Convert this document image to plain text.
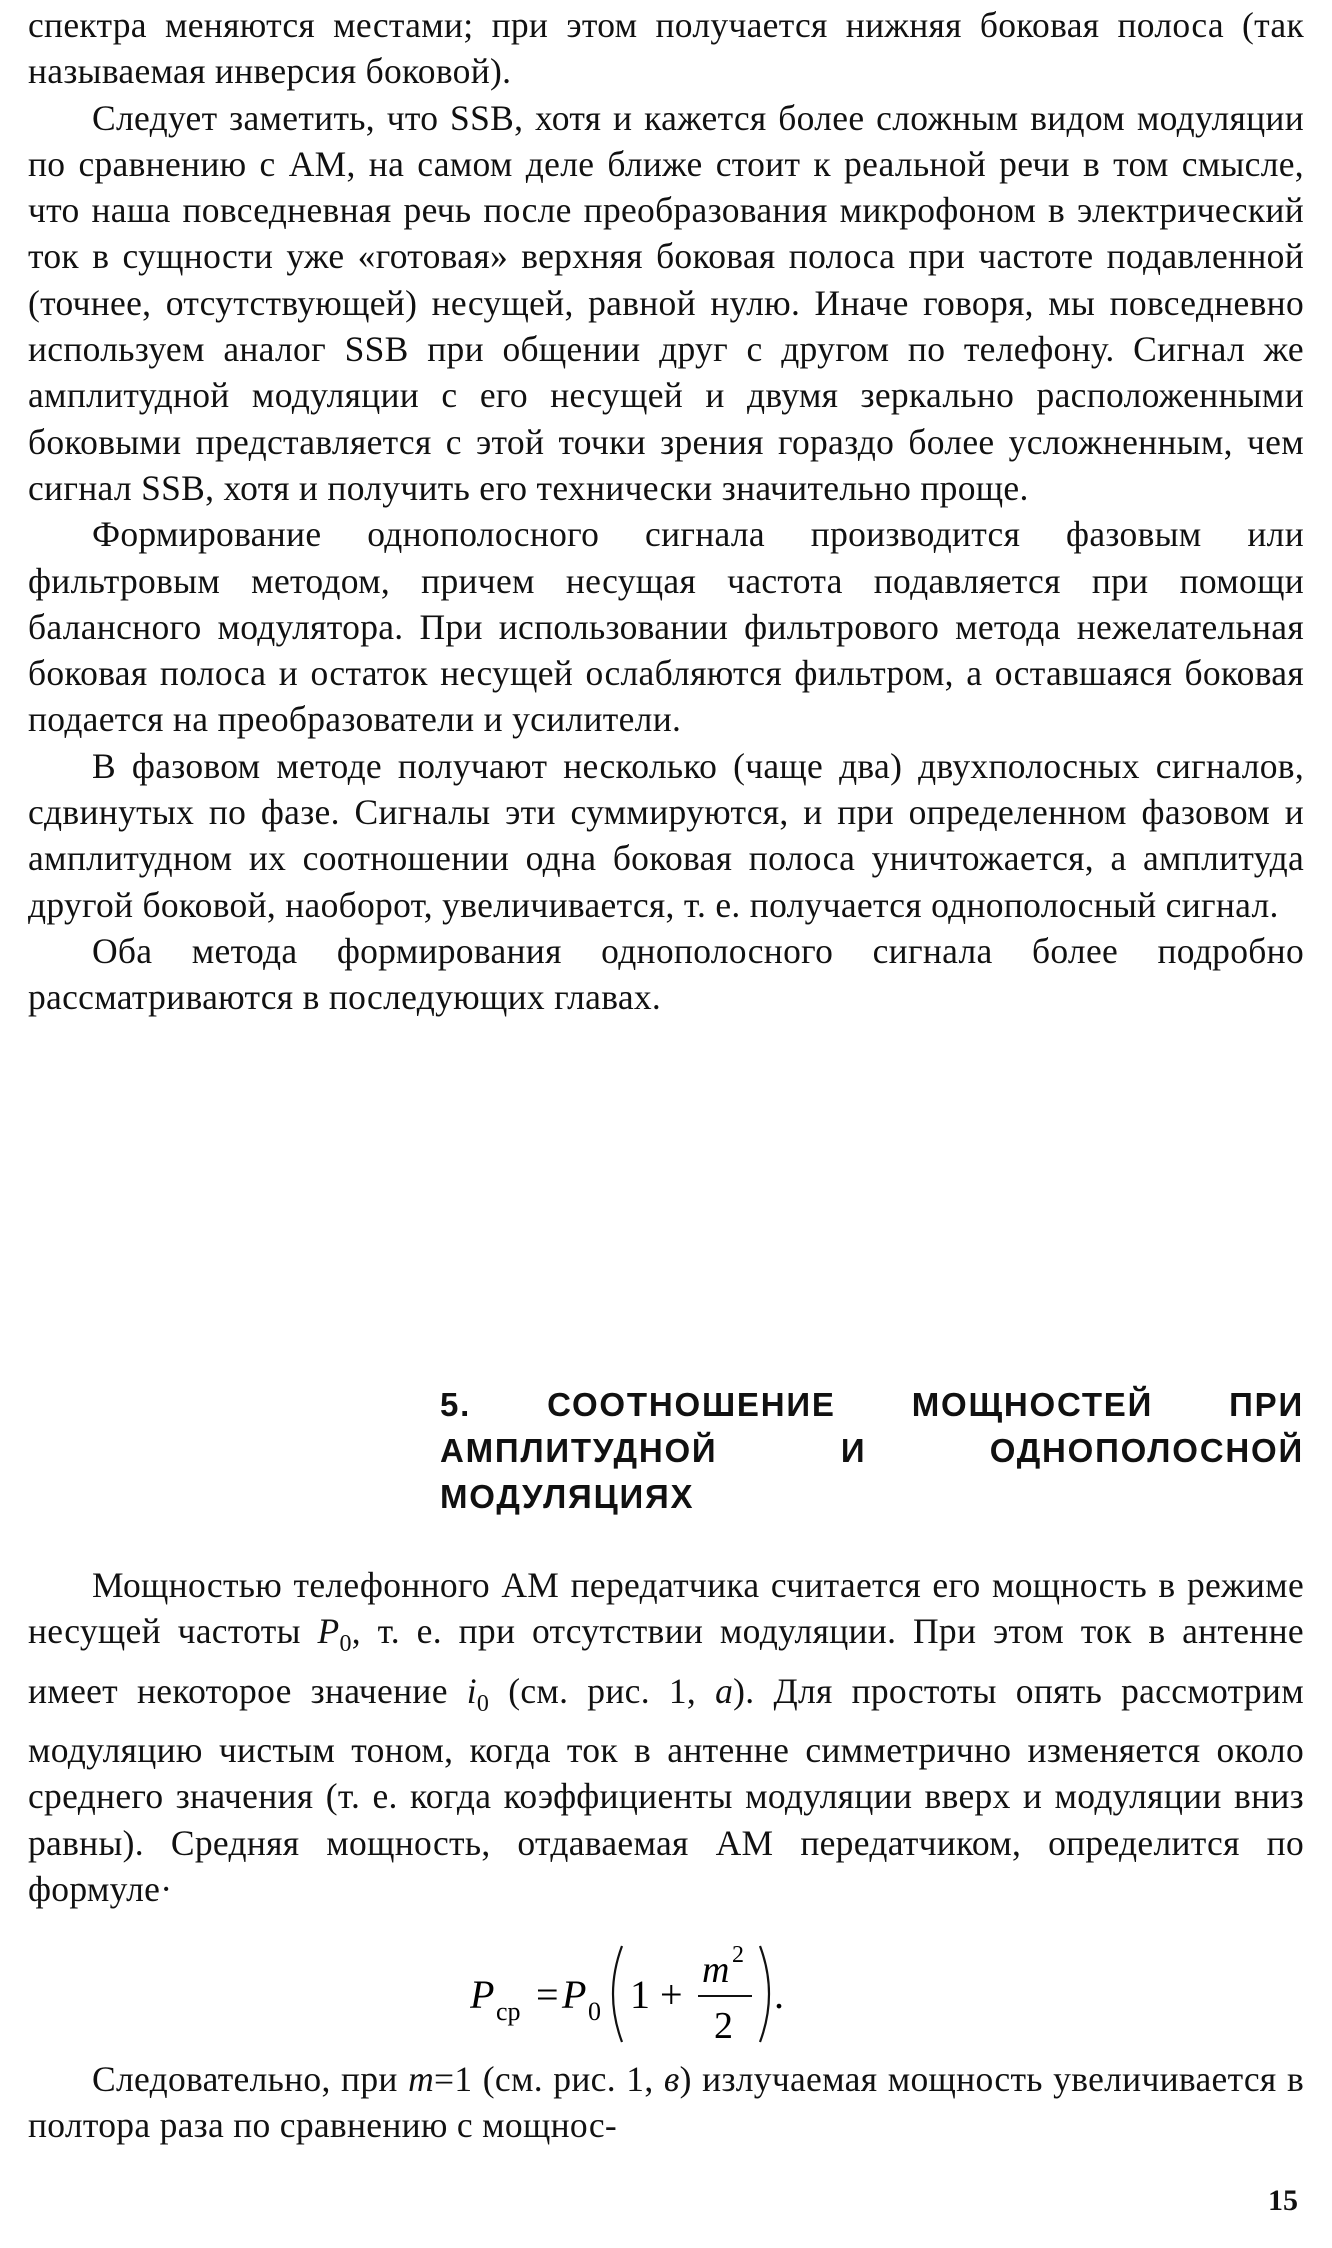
спектра меняются местами; при этом получается нижняя боковая полоса (так называемая инверсия боковой).

Следует заметить, что SSB, хотя и кажется более сложным видом модуляции по сравнению с АМ, на самом деле ближе стоит к реальной речи в том смысле, что наша повседневная речь после преобразования микрофоном в электрический ток в сущности уже «готовая» верхняя боковая полоса при частоте подавленной (точнее, отсутствующей) несущей, равной нулю. Иначе говоря, мы повседневно используем аналог SSB при общении друг с другом по телефону. Сигнал же амплитудной модуляции с его несущей и двумя зеркально расположенными боковыми представляется с этой точки зрения гораздо более усложненным, чем сигнал SSB, хотя и получить его технически значительно проще.

Формирование однополосного сигнала производится фазовым или фильтровым методом, причем несущая частота подавляется при помощи балансного модулятора. При использовании фильтрового метода нежелательная боковая полоса и остаток несущей ослабляются фильтром, а оставшаяся боковая подается на преобразователи и усилители.

В фазовом методе получают несколько (чаще два) двухполосных сигналов, сдвинутых по фазе. Сигналы эти суммируются, и при определенном фазовом и амплитудном их соотношении одна боковая полоса уничтожается, а амплитуда другой боковой, наоборот, увеличивается, т. е. получается однополосный сигнал.

Оба метода формирования однополосного сигнала более подробно рассматриваются в последующих главах.

5. СООТНОШЕНИЕ МОЩНОСТЕЙ ПРИ АМПЛИТУДНОЙ И ОДНОПОЛОСНОЙ МОДУЛЯЦИЯХ

Мощностью телефонного АМ передатчика считается его мощность в режиме несущей частоты $P_0$, т. е. при отсутствии модуляции. При этом ток в антенне имеет некоторое значение $i_0$ (см. рис. 1, а). Для простоты опять рассмотрим модуляцию чистым тоном, когда ток в антенне симметрично изменяется около среднего значения (т. е. когда коэффициенты модуляции вверх и модуляции вниз равны). Средняя мощность, отдаваемая АМ передатчиком, определится по формуле·

P ср = P 0 1 +
m 2
2
.

Следовательно, при m=1 (см. рис. 1, в) излучаемая мощность увеличивается в полтора раза по сравнению с мощнос-

15
